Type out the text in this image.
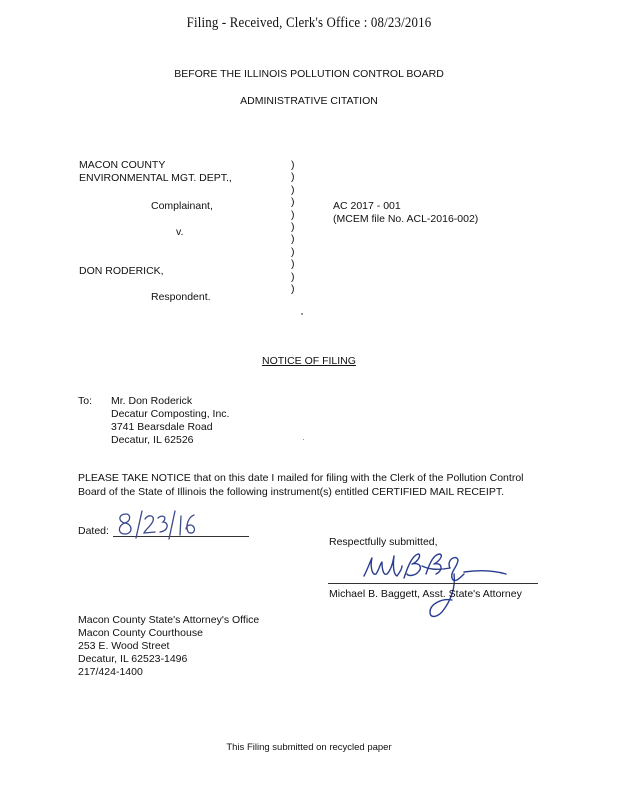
Filing - Received, Clerk's Office : 08/23/2016
BEFORE THE ILLINOIS POLLUTION CONTROL BOARD
ADMINISTRATIVE CITATION
MACON COUNTY
ENVIRONMENTAL MGT. DEPT.,
Complainant,
v.
DON RODERICK,
Respondent.
)
)
)
)
)
)
)
)
)
)
)
AC 2017 - 001
(MCEM file No. ACL-2016-002)
NOTICE OF FILING
To: Mr. Don Roderick
Decatur Composting, Inc.
3741 Bearsdale Road
Decatur, IL 62526
PLEASE TAKE NOTICE that on this date I mailed for filing with the Clerk of the Pollution Control
Board of the State of Illinois the following instrument(s) entitled CERTIFIED MAIL RECEIPT.
Dated:
Respectfully submitted,
Michael B. Baggett, Asst. State's Attorney
Macon County State's Attorney's Office
Macon County Courthouse
253 E. Wood Street
Decatur, IL 62523-1496
217/424-1400
This Filing submitted on recycled paper
